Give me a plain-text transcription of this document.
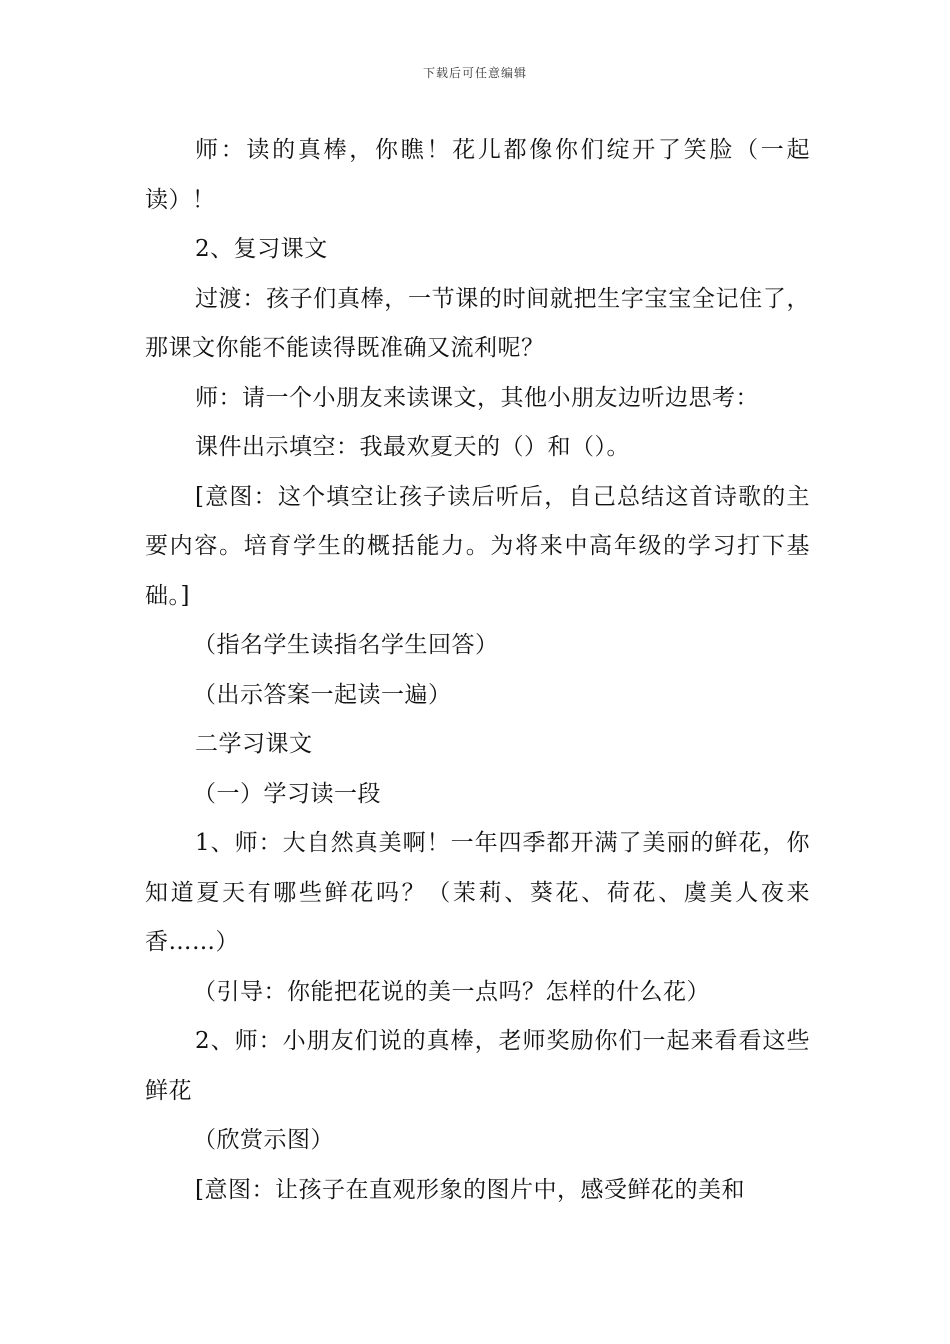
下载后可任意编辑

师：读的真棒，你瞧！花儿都像你们绽开了笑脸（一起读）！

2、复习课文

过渡：孩子们真棒，一节课的时间就把生字宝宝全记住了，那课文你能不能读得既准确又流利呢？

师：请一个小朋友来读课文，其他小朋友边听边思考：

课件出示填空：我最欢夏天的（）和（）。

[意图：这个填空让孩子读后听后，自己总结这首诗歌的主要内容。培育学生的概括能力。为将来中高年级的学习打下基础。]

（指名学生读指名学生回答）

（出示答案一起读一遍）

二学习课文

（一）学习读一段

1、师：大自然真美啊！一年四季都开满了美丽的鲜花，你知道夏天有哪些鲜花吗？（茉莉、葵花、荷花、虞美人夜来香……）

（引导：你能把花说的美一点吗？怎样的什么花）

2、师：小朋友们说的真棒，老师奖励你们一起来看看这些鲜花

（欣赏示图）

[意图：让孩子在直观形象的图片中，感受鲜花的美和
